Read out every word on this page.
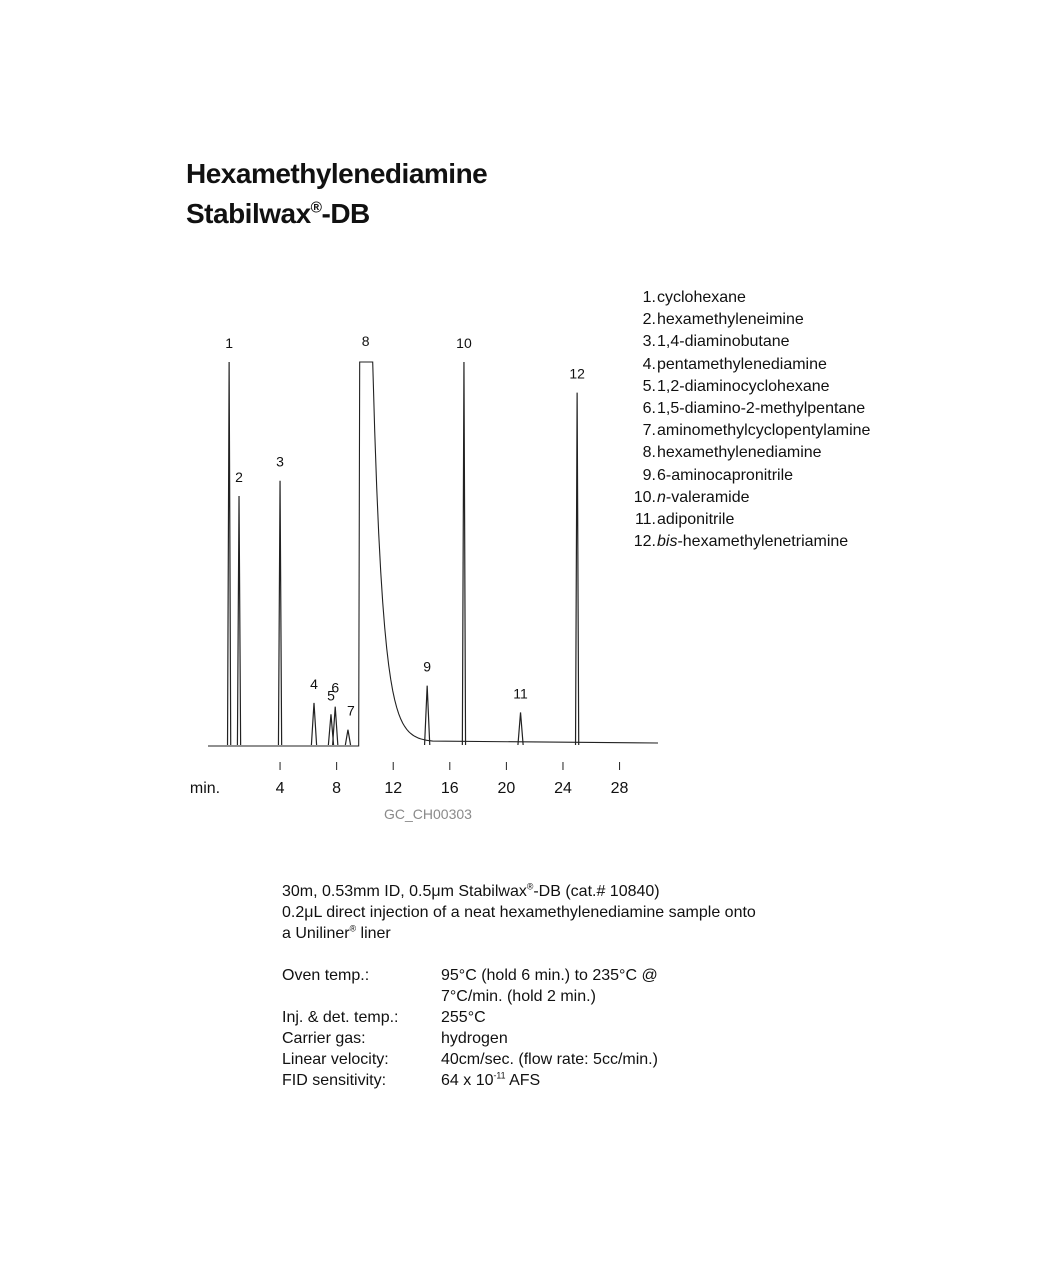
Hexamethylenediamine
Stabilwax®-DB
1
2
3
4
5
6
7
8
9
10
11
12
4	8	12 16 20 24 28
min.
GC_CH00303
1. cyclohexane
2. hexamethyleneimine
3. 1,4-diaminobutane
4. pentamethylenediamine
5. 1,2-diaminocyclohexane
6. 1,5-diamino-2-methylpentane
7. aminomethylcyclopentylamine
8. hexamethylenediamine
9. 6-aminocapronitrile
10. n-valeramide
11. adiponitrile
12. bis-hexamethylenetriamine
30m, 0.53mm ID, 0.5μm Stabilwax®-DB (cat.# 10840)
0.2μL direct injection of a neat hexamethylenediamine sample onto
a Uniliner® liner
Oven temp.:	95°C (hold 6 min.) to 235°C @
7°C/min. (hold 2 min.)
Inj. & det. temp.:	255°C
Carrier gas:	hydrogen
Linear velocity:	40cm/sec. (flow rate: 5cc/min.)
FID sensitivity:	64 x $10^{-11}$ AFS
